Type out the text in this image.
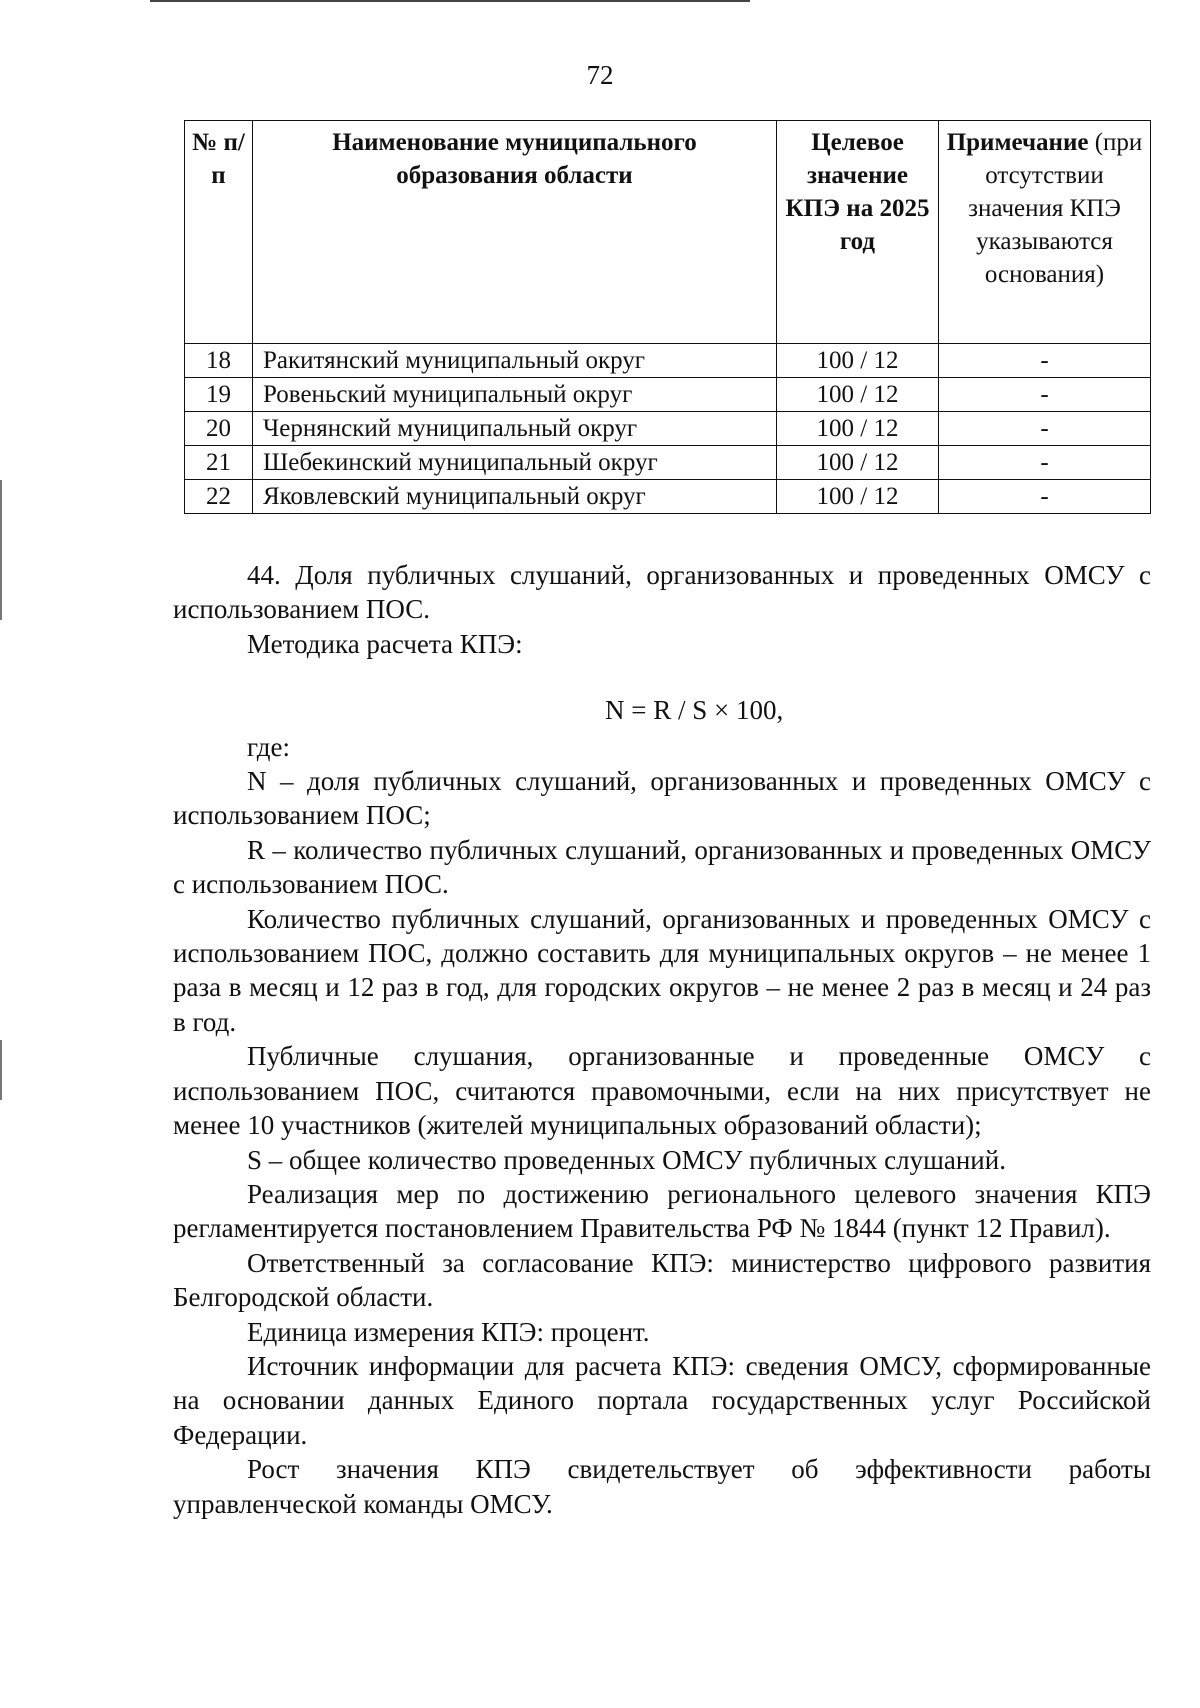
72
№ п/п	Наименование муниципального образования области	Целевое значение КПЭ на 2025 год	Примечание (при отсутствии значения КПЭ указываются основания)
18	Ракитянский муниципальный округ	100 / 12	-
19	Ровеньский муниципальный округ	100 / 12	-
20	Чернянский муниципальный округ	100 / 12	-
21	Шебекинский муниципальный округ	100 / 12	-
22	Яковлевский муниципальный округ	100 / 12	-

44. Доля публичных слушаний, организованных и проведенных ОМСУ с использованием ПОС.

Методика расчета КПЭ:

N = R / S × 100,

где:

N – доля публичных слушаний, организованных и проведенных ОМСУ с использованием ПОС;

R – количество публичных слушаний, организованных и проведенных ОМСУ с использованием ПОС.

Количество публичных слушаний, организованных и проведенных ОМСУ с использованием ПОС, должно составить для муниципальных округов – не менее 1 раза в месяц и 12 раз в год, для городских округов – не менее 2 раз в месяц и 24 раз в год.

Публичные слушания, организованные и проведенные ОМСУ с использованием ПОС, считаются правомочными, если на них присутствует не менее 10 участников (жителей муниципальных образований области);

S – общее количество проведенных ОМСУ публичных слушаний.

Реализация мер по достижению регионального целевого значения КПЭ регламентируется постановлением Правительства РФ № 1844 (пункт 12 Правил).

Ответственный за согласование КПЭ: министерство цифрового развития Белгородской области.

Единица измерения КПЭ: процент.

Источник информации для расчета КПЭ: сведения ОМСУ, сформированные на основании данных Единого портала государственных услуг Российской Федерации.

Рост значения КПЭ свидетельствует об эффективности работы управленческой команды ОМСУ.
